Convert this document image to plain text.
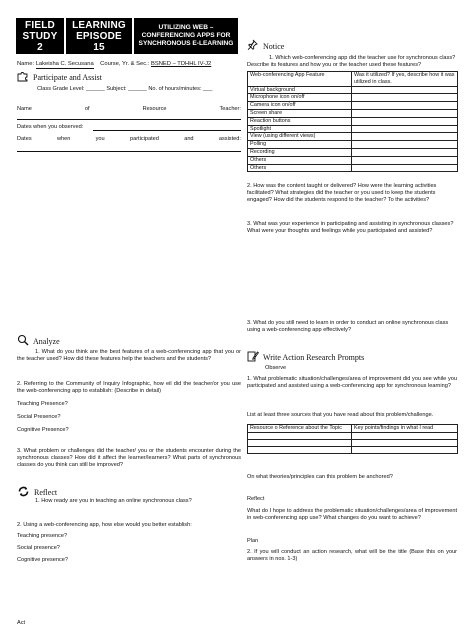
FIELD
STUDY
2
LEARNING
EPISODE
15
UTILIZING WEB –
CONFERENCING APPS FOR
SYNCHRONOUS E-LEARNING
Name: Lakeisha C. Secusana Course, Yr. & Sec.: BSNED – TDHHL IV-J2
Participate and Assist
Class Grade Level: ______ Subject: ______ No. of hours/minutes: ___
Name	of	Resource	Teacher:
Dates when you observed:
Dates	when	you	participated	and	assisted:
Analyze
1. What do you think are the best features of a web-conferencing app that you or the teacher used? How did these features help the teachers and the students?
2. Referring to the Community of Inquiry Infographic, how eil did the teacher/or you use the web-conferencing app to establish: (Describe in detail)
Teaching Presence?
Social Presence?
Cognitive Presence?
3. What problem or challenges did the teacher/ you or the students encounter during the synchronous classes? How did it affect the learner/learners? What parts of synchronous classes do you think can still be improved?
Reflect
1. How ready are you in teaching an online synchronous class?
2. Using a web-conferencing app, how else would you better establish:
Teaching presence?
Social presence?
Cognitive presence?
Notice
1. Which web-conferencing app did the teacher use for synchronous class? Describe its features and how you or the teacher used these features?
Web-conferencing App Feature	Was it utilized? If yes, describe how it was utilized in class.
Virtual background	
Microphone icon on/off	
Camera icon on/off	
Screen share	
Reaction buttons	
Spotlight	
View (using different views)	
Polling	
Recording	
Others	
Others	
2. How was the content taught or delivered? How were the learning activities facilitated? What strategies did the teacher or you used to keep the students engaged? How did the students respond to the teacher? To the activities?
3. What was your experience in participating and assisting in synchronous classes? What were your thoughts and feelings while you participated and assisted?
3. What do you still need to learn in order to conduct an online synchronous class using a web-conferencing app effectively?
Write Action Research Prompts
Observe
1. What problematic situation/challenges/area of improvement did you see while you participated and assisted using a web-conferencing app for synchronous learning?
List at least three sources that you have read about this problem/challenge.
Resource o Reference about the Topic	Key points/findings in what I read

On what theories/principles can this problem be anchored?
Reflect
What do I hope to address the problematic situation/challenges/area of improvement in web-conferencing app use? What changes do you want to achieve?
Plan
2. If you will conduct an action research, what will be the title (Base this on your answers in nos. 1-3)
Act
